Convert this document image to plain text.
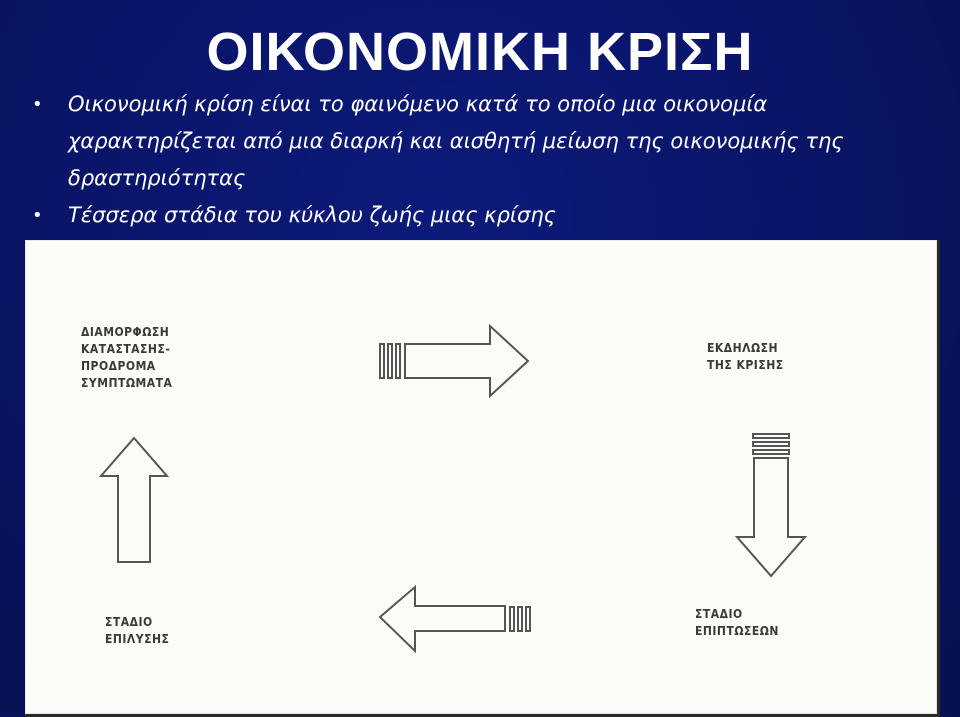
ΟΙΚΟΝΟΜΙΚΗ ΚΡΙΣΗ
• Οικονομική κρίση είναι το φαινόμενο κατά το οποίο μια οικονομία χαρακτηρίζεται από μια διαρκή και αισθητή μείωση της οικονομικής της δραστηριότητας
• Τέσσερα στάδια του κύκλου ζωής μιας κρίσης
ΔΙΑΜΟΡΦΩΣΗ
ΚΑΤΑΣΤΑΣΗΣ-
ΠΡΟΔΡΟΜΑ
ΣΥΜΠΤΩΜΑΤΑ
ΕΚΔΗΛΩΣΗ
ΤΗΣ ΚΡΙΣΗΣ
ΣΤΑΔΙΟ
ΕΠΙΠΤΩΣΕΩΝ
ΣΤΑΔΙΟ
ΕΠΙΛΥΣΗΣ
